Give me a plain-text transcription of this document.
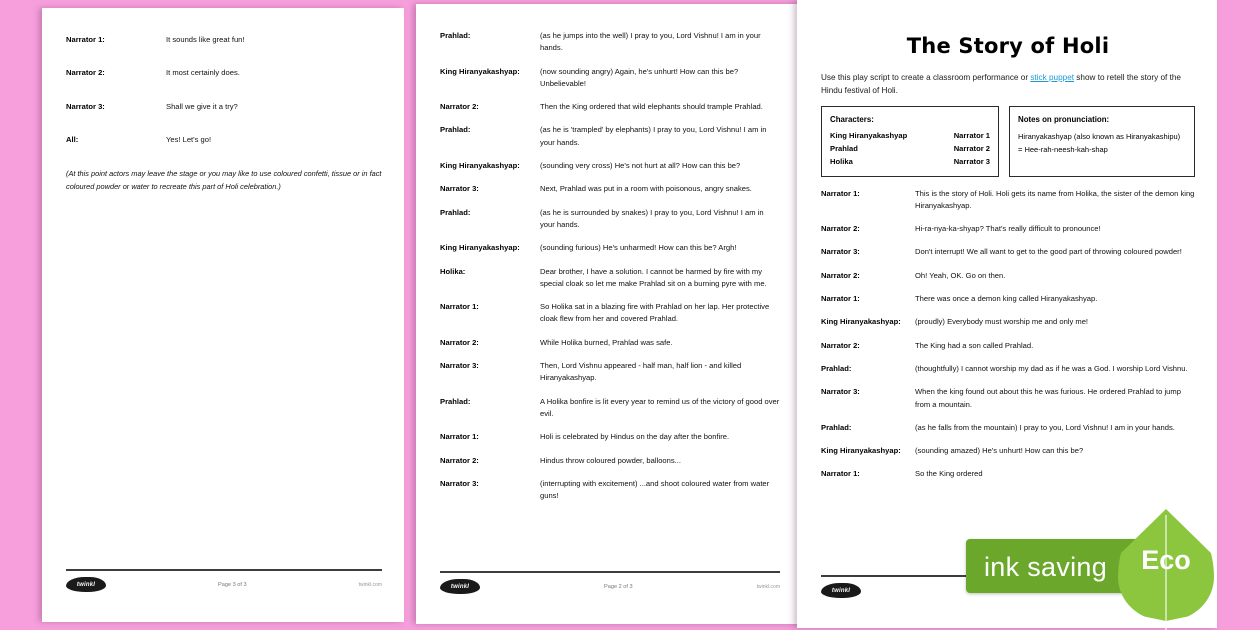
Narrator 1:	It sounds like great fun!
Narrator 2:	It most certainly does.
Narrator 3:	Shall we give it a try?
All:	Yes! Let's go!
(At this point actors may leave the stage or you may like to use coloured confetti, tissue or in fact coloured powder or water to recreate this part of Holi celebration.)
twinkl	Page 3 of 3	twinkl.com
Prahlad:	(as he jumps into the well) I pray to you, Lord Vishnu! I am in your hands.
King Hiranyakashyap:	(now sounding angry) Again, he's unhurt! How can this be? Unbelievable!
Narrator 2:	Then the King ordered that wild elephants should trample Prahlad.
Prahlad:	(as he is 'trampled' by elephants) I pray to you, Lord Vishnu! I am in your hands.
King Hiranyakashyap:	(sounding very cross) He's not hurt at all? How can this be?
Narrator 3:	Next, Prahlad was put in a room with poisonous, angry snakes.
Prahlad:	(as he is surrounded by snakes) I pray to you, Lord Vishnu! I am in your hands.
King Hiranyakashyap:	(sounding furious) He's unharmed! How can this be? Argh!
Holika:	Dear brother, I have a solution. I cannot be harmed by fire with my special cloak so let me make Prahlad sit on a burning pyre with me.
Narrator 1:	So Holika sat in a blazing fire with Prahlad on her lap. Her protective cloak flew from her and covered Prahlad.
Narrator 2:	While Holika burned, Prahlad was safe.
Narrator 3:	Then, Lord Vishnu appeared - half man, half lion - and killed Hiranyakashyap.
Prahlad:	A Holika bonfire is lit every year to remind us of the victory of good over evil.
Narrator 1:	Holi is celebrated by Hindus on the day after the bonfire.
Narrator 2:	Hindus throw coloured powder, balloons...
Narrator 3:	(interrupting with excitement) ...and shoot coloured water from water guns!
twinkl	Page 2 of 3	twinkl.com
The Story of Holi
Use this play script to create a classroom performance or stick puppet show to retell the story of the Hindu festival of Holi.
Characters:
King Hiranyakashyap	Narrator 1
Prahlad	Narrator 2
Holika	Narrator 3
Notes on pronunciation:
Hiranyakashyap (also known as Hiranyakashipu) = Hee-rah-neesh-kah-shap
Narrator 1:	This is the story of Holi. Holi gets its name from Holika, the sister of the demon king Hiranyakashyap.
Narrator 2:	Hi-ra-nya-ka-shyap? That's really difficult to pronounce!
Narrator 3:	Don't interrupt! We all want to get to the good part of throwing coloured powder!
Narrator 2:	Oh! Yeah, OK. Go on then.
Narrator 1:	There was once a demon king called Hiranyakashyap.
King Hiranyakashyap:	(proudly) Everybody must worship me and only me!
Narrator 2:	The King had a son called Prahlad.
Prahlad:	(thoughtfully) I cannot worship my dad as if he was a God. I worship Lord Vishnu.
Narrator 3:	When the king found out about this he was furious. He ordered Prahlad to jump from a mountain.
Prahlad:	(as he falls from the mountain) I pray to you, Lord Vishnu! I am in your hands.
King Hiranyakashyap:	(sounding amazed) He's unhurt! How can this be?
Narrator 1:	So the King ordered
twinkl
ink saving	Eco
